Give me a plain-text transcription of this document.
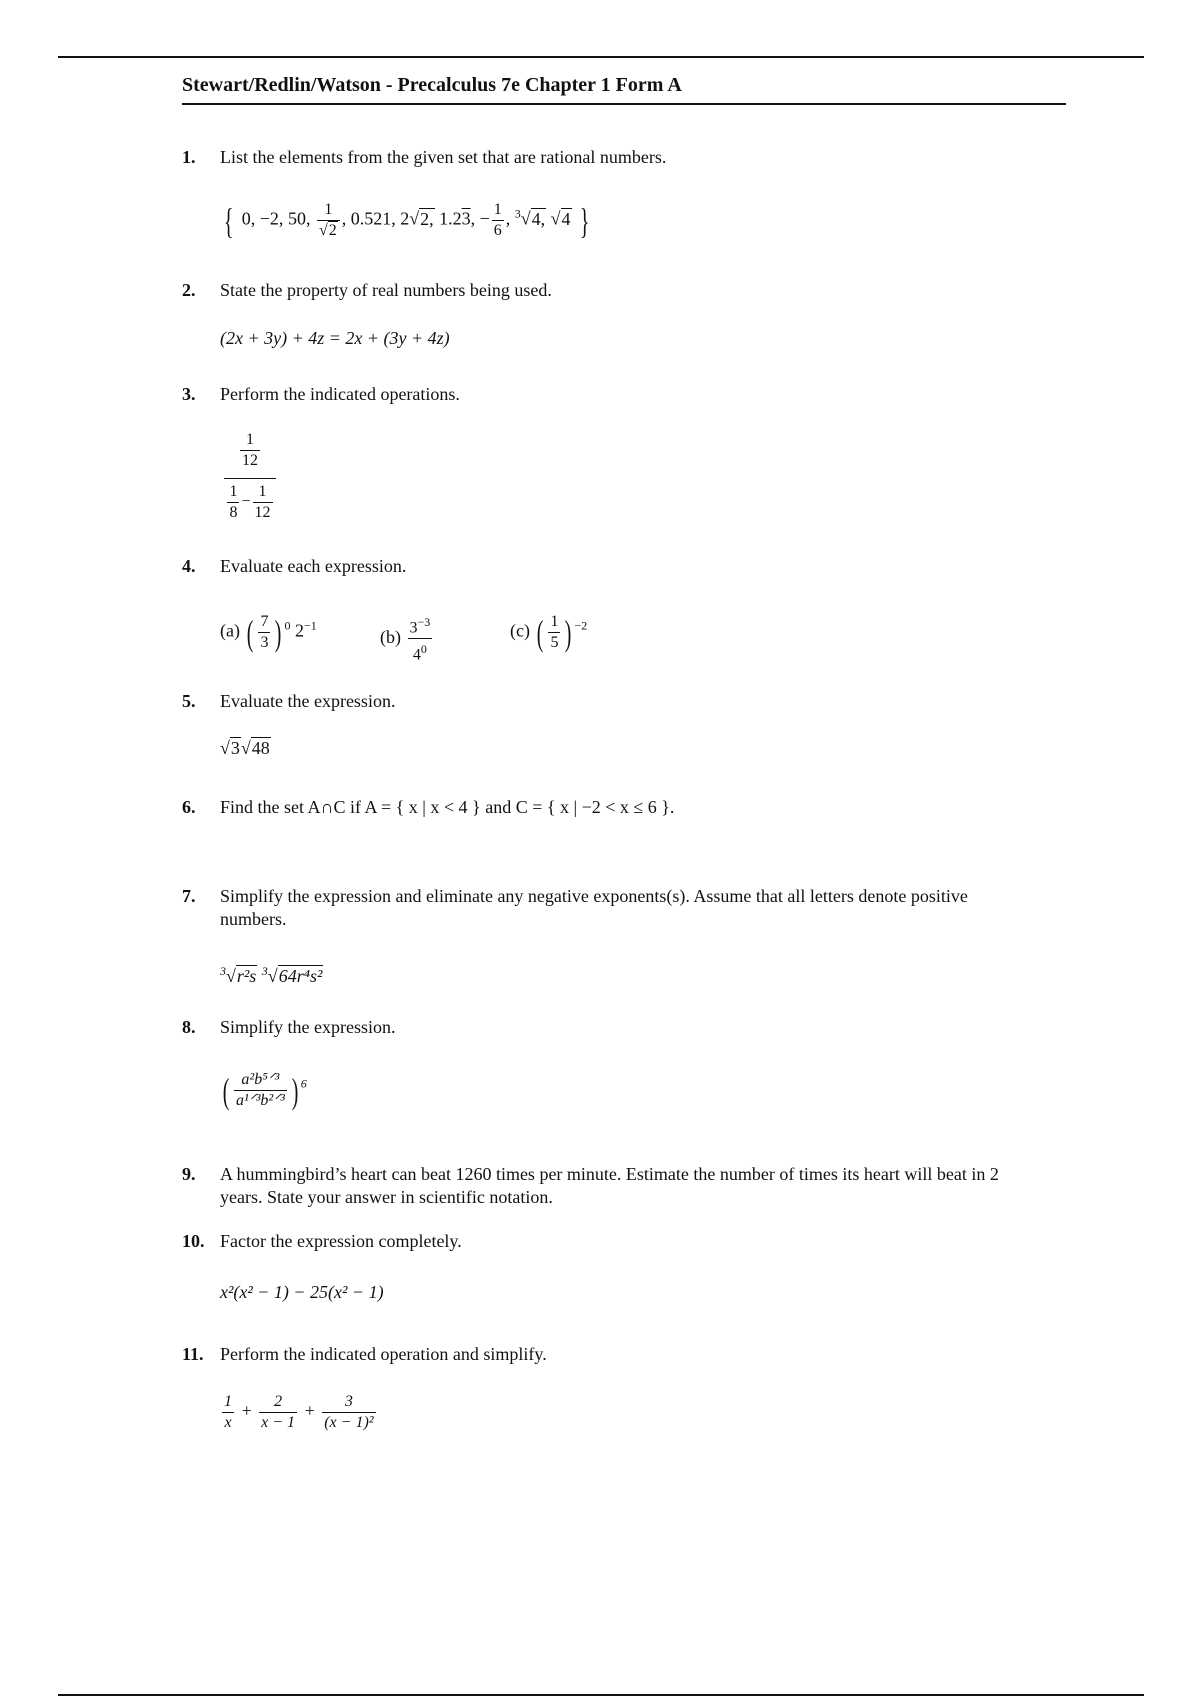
Stewart/Redlin/Watson - Precalculus 7e Chapter 1 Form A
1. List the elements from the given set that are rational numbers.
{ 0, −2, 50, $\frac{1}{√2}$ , 0.521, 2√2, 1.23, − $\frac{1}{6}$ , $^3$√4, √4 }
2. State the property of real numbers being used.
(2x + 3y) + 4z = 2x + (3y + 4z)
3. Perform the indicated operations.
$\frac{1}{12}$
$\frac{1}{8} - \frac{1}{12}$
4. Evaluate each expression.
(a) ( $\frac{7}{3}$ ) $^0$ $2^{-1}$
$(b) \frac{3^{-3}}{4^0}$	(c) ( $\frac{1}{5}$ ) $^{-2}$
5. Evaluate the expression.
√3√48
6. Find the set A∩C if A = { x | x < 4 } and C = { x | −2 < x ≤ 6 }.
7. Simplify the expression and eliminate any negative exponents(s). Assume that all letters denote positive numbers.
$^3$√r²s $^3$√64r⁴s²
8. Simplify the expression.
( $\frac{\text{a²b⁵ᐟ³}}{\text{a¹ᐟ³b²ᐟ³}}$ ) $^6$
9. A hummingbird’s heart can beat 1260 times per minute. Estimate the number of times its heart will beat in 2 years. State your answer in scientific notation.
10. Factor the expression completely.
x²(x² − 1) − 25(x² − 1)
11. Perform the indicated operation and simplify.
$\frac{1}{x} + \frac{2}{x - 1} + \frac{3}{\text{(x − 1)²}}$
